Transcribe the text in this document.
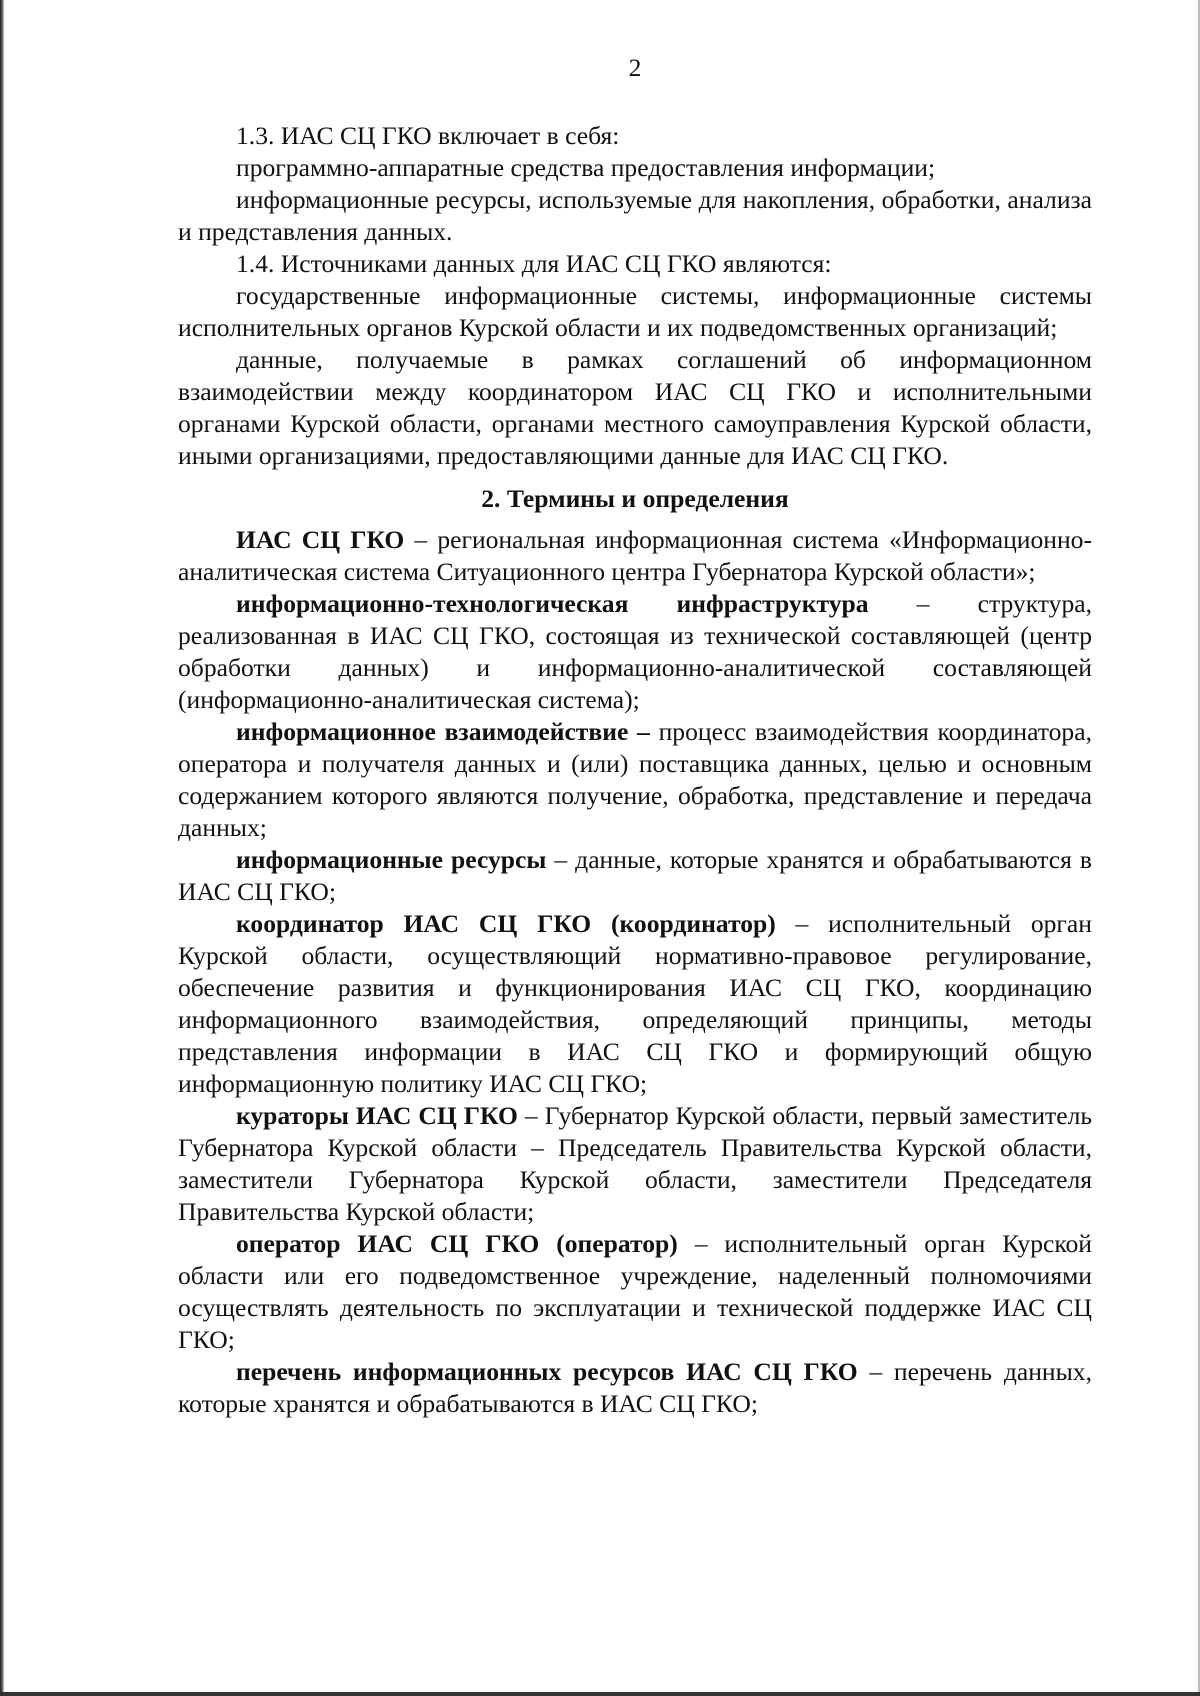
2

1.3. ИАС СЦ ГКО включает в себя:

программно-аппаратные средства предоставления информации;

информационные ресурсы, используемые для накопления, обработки, анализа и представления данных.

1.4. Источниками данных для ИАС СЦ ГКО являются:

государственные информационные системы, информационные системы исполнительных органов Курской области и их подведомственных организаций;

данные, получаемые в рамках соглашений об информационном взаимодействии между координатором ИАС СЦ ГКО и исполнительными органами Курской области, органами местного самоуправления Курской области, иными организациями, предоставляющими данные для ИАС СЦ ГКО.

2. Термины и определения

ИАС СЦ ГКО – региональная информационная система «Информационно-аналитическая система Ситуационного центра Губернатора Курской области»;

информационно-технологическая инфраструктура – структура, реализованная в ИАС СЦ ГКО, состоящая из технической составляющей (центр обработки данных) и информационно-аналитической составляющей (информационно-аналитическая система);

информационное взаимодействие – процесс взаимодействия координатора, оператора и получателя данных и (или) поставщика данных, целью и основным содержанием которого являются получение, обработка, представление и передача данных;

информационные ресурсы – данные, которые хранятся и обрабатываются в ИАС СЦ ГКО;

координатор ИАС СЦ ГКО (координатор) – исполнительный орган Курской области, осуществляющий нормативно-правовое регулирование, обеспечение развития и функционирования ИАС СЦ ГКО, координацию информационного взаимодействия, определяющий принципы, методы представления информации в ИАС СЦ ГКО и формирующий общую информационную политику ИАС СЦ ГКО;

кураторы ИАС СЦ ГКО – Губернатор Курской области, первый заместитель Губернатора Курской области – Председатель Правительства Курской области, заместители Губернатора Курской области, заместители Председателя Правительства Курской области;

оператор ИАС СЦ ГКО (оператор) – исполнительный орган Курской области или его подведомственное учреждение, наделенный полномочиями осуществлять деятельность по эксплуатации и технической поддержке ИАС СЦ ГКО;

перечень информационных ресурсов ИАС СЦ ГКО – перечень данных, которые хранятся и обрабатываются в ИАС СЦ ГКО;
